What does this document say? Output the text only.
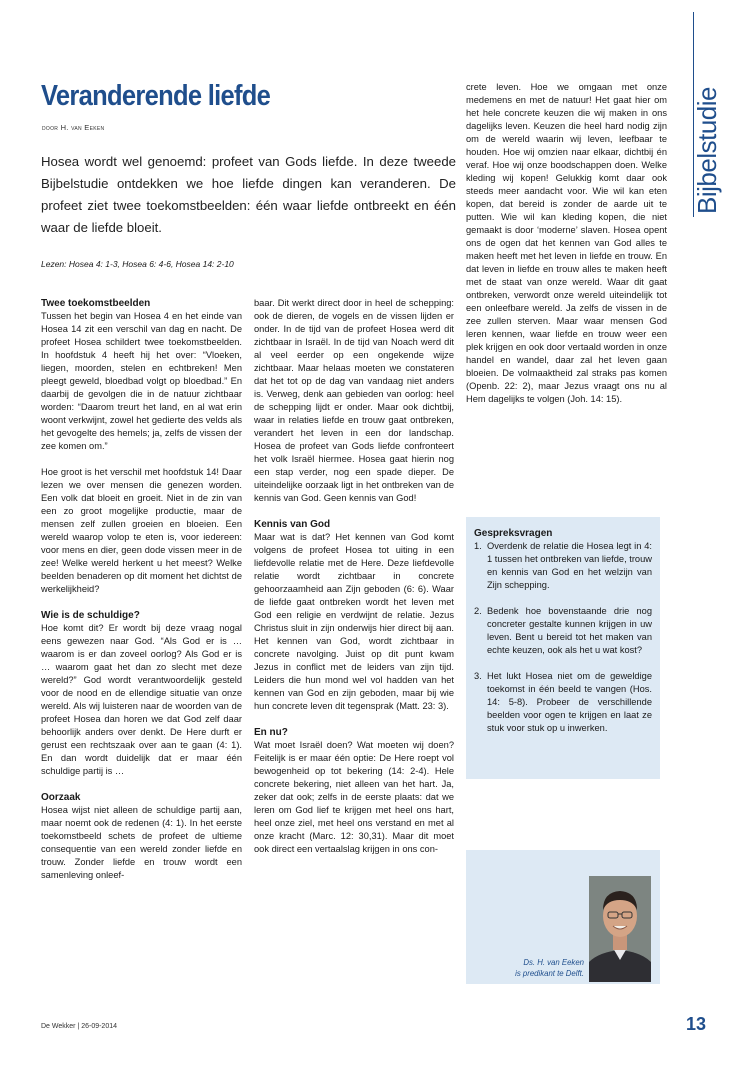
Bijbelstudie
Veranderende liefde
door H. van Eeken

Hosea wordt wel genoemd: profeet van Gods liefde. In deze tweede Bijbelstudie ontdekken we hoe liefde dingen kan veranderen. De profeet ziet twee toekomstbeelden: één waar liefde ontbreekt en één waar de liefde bloeit.

Lezen: Hosea 4: 1-3, Hosea 6: 4-6, Hosea 14: 2-10

Twee toekomstbeelden

Tussen het begin van Hosea 4 en het einde van Hosea 14 zit een verschil van dag en nacht. De profeet Hosea schildert twee toekomstbeelden. In hoofdstuk 4 heeft hij het over: “Vloeken, liegen, moorden, stelen en echtbreken! Men pleegt geweld, bloedbad volgt op bloedbad.” En daarbij de gevolgen die in de natuur zichtbaar worden: “Daarom treurt het land, en al wat erin woont verkwijnt, zowel het gedierte des velds als het gevogelte des hemels; ja, zelfs de vissen der zee komen om.”

Hoe groot is het verschil met hoofdstuk 14! Daar lezen we over mensen die genezen worden. Een volk dat bloeit en groeit. Niet in de zin van een zo groot mogelijke productie, maar de mensen zelf zullen groeien en bloeien. Een wereld waarop volop te eten is, voor iedereen: voor mens en dier, geen dode vissen meer in de zee! Welke wereld herkent u het meest? Welke beelden benaderen op dit moment het dichtst de werkelijkheid?

Wie is de schuldige?

Hoe komt dit? Er wordt bij deze vraag nogal eens gewezen naar God. “Als God er is … waarom is er dan zoveel oorlog? Als God er is … waarom gaat het dan zo slecht met deze wereld?” God wordt verantwoordelijk gesteld voor de nood en de ellendige situatie van onze wereld. Als wij luisteren naar de woorden van de profeet Hosea dan horen we dat God zelf daar behoorlijk anders over denkt. De Here durft er gerust een rechtszaak over aan te gaan (4: 1). En dan wordt duidelijk dat er maar één schuldige partij is …

Oorzaak

Hosea wijst niet alleen de schuldige partij aan, maar noemt ook de redenen (4: 1). In het eerste toekomstbeeld schets de profeet de ultieme consequentie van een wereld zonder liefde en trouw. Zonder liefde en trouw wordt een samenleving onleef-

baar. Dit werkt direct door in heel de schepping: ook de dieren, de vogels en de vissen lijden er onder. In de tijd van de profeet Hosea werd dit zichtbaar in Israël. In de tijd van Noach werd dit al veel eerder op een ongekende wijze zichtbaar. Maar helaas moeten we constateren dat het tot op de dag van vandaag niet anders is. Verweg, denk aan gebieden van oorlog: heel de schepping lijdt er onder. Maar ook dichtbij, waar in relaties liefde en trouw gaat ontbreken, verandert het leven in een dor landschap. Hosea de profeet van Gods liefde confronteert het volk Israël hiermee. Hosea gaat hierin nog een stap verder, nog een spade dieper. De uiteindelijke oorzaak ligt in het ontbreken van de kennis van God. Geen kennis van God!

Kennis van God

Maar wat is dat? Het kennen van God komt volgens de profeet Hosea tot uiting in een liefdevolle relatie met de Here. Deze liefdevolle relatie wordt zichtbaar in concrete gehoorzaamheid aan Zijn geboden (6: 6). Waar de liefde gaat ontbreken wordt het leven met God een religie en verdwijnt de relatie. Jezus Christus sluit in zijn onderwijs hier direct bij aan. Het kennen van God, wordt zichtbaar in concrete navolging. Juist op dit punt kwam Jezus in conflict met de leiders van zijn tijd. Leiders die hun mond wel vol hadden van het kennen van God en zijn geboden, maar bij wie hun concrete leven dit tegensprak (Matt. 23: 3).

En nu?

Wat moet Israël doen? Wat moeten wij doen? Feitelijk is er maar één optie: De Here roept vol bewogenheid op tot bekering (14: 2-4). Hele concrete bekering, niet alleen van het hart. Ja, zeker dat ook; zelfs in de eerste plaats: dat we leren om God lief te krijgen met heel ons hart, heel onze ziel, met heel ons verstand en met al onze kracht (Marc. 12: 30,31). Maar dit moet ook direct een vertaalslag krijgen in ons con-

crete leven. Hoe we omgaan met onze medemens en met de natuur! Het gaat hier om het hele concrete keuzen die wij maken in ons dagelijks leven. Keuzen die heel hard nodig zijn om de wereld waarin wij leven, leefbaar te houden. Hoe wij omzien naar elkaar, dichtbij én veraf. Hoe wij onze boodschappen doen. Welke kleding wij kopen! Gelukkig komt daar ook steeds meer aandacht voor. Wie wil kan eten kopen, dat bereid is zonder de aarde uit te putten. Wie wil kan kleding kopen, die niet gemaakt is door ‘moderne’ slaven. Hosea opent ons de ogen dat het kennen van God alles te maken heeft met het leven in liefde en trouw. En dat leven in liefde en trouw alles te maken heeft met de staat van onze wereld. Waar dit gaat ontbreken, verwordt onze wereld uiteindelijk tot een onleefbare wereld. Ja zelfs de vissen in de zee zullen sterven. Maar waar mensen God leren kennen, waar liefde en trouw weer een plek krijgen en ook door vertaald worden in onze handel en wandel, daar zal het leven gaan bloeien. De volmaaktheid zal straks pas komen (Openb. 22: 2), maar Jezus vraagt ons nu al Hem dagelijks te volgen (Joh. 14: 15).

Gespreksvragen
1. Overdenk de relatie die Hosea legt in 4: 1 tussen het ontbreken van liefde, trouw en kennis van God en het welzijn van Zijn schepping.
2. Bedenk hoe bovenstaande drie nog concreter gestalte kunnen krijgen in uw leven. Bent u bereid tot het maken van echte keuzen, ook als het u wat kost?
3. Het lukt Hosea niet om de geweldige toekomst in één beeld te vangen (Hos. 14: 5-8). Probeer de verschillende beelden voor ogen te krijgen en laat ze stuk voor stuk op u inwerken.
Ds. H. van Eeken
is predikant te Delft.
De Wekker | 26-09-2014	13
